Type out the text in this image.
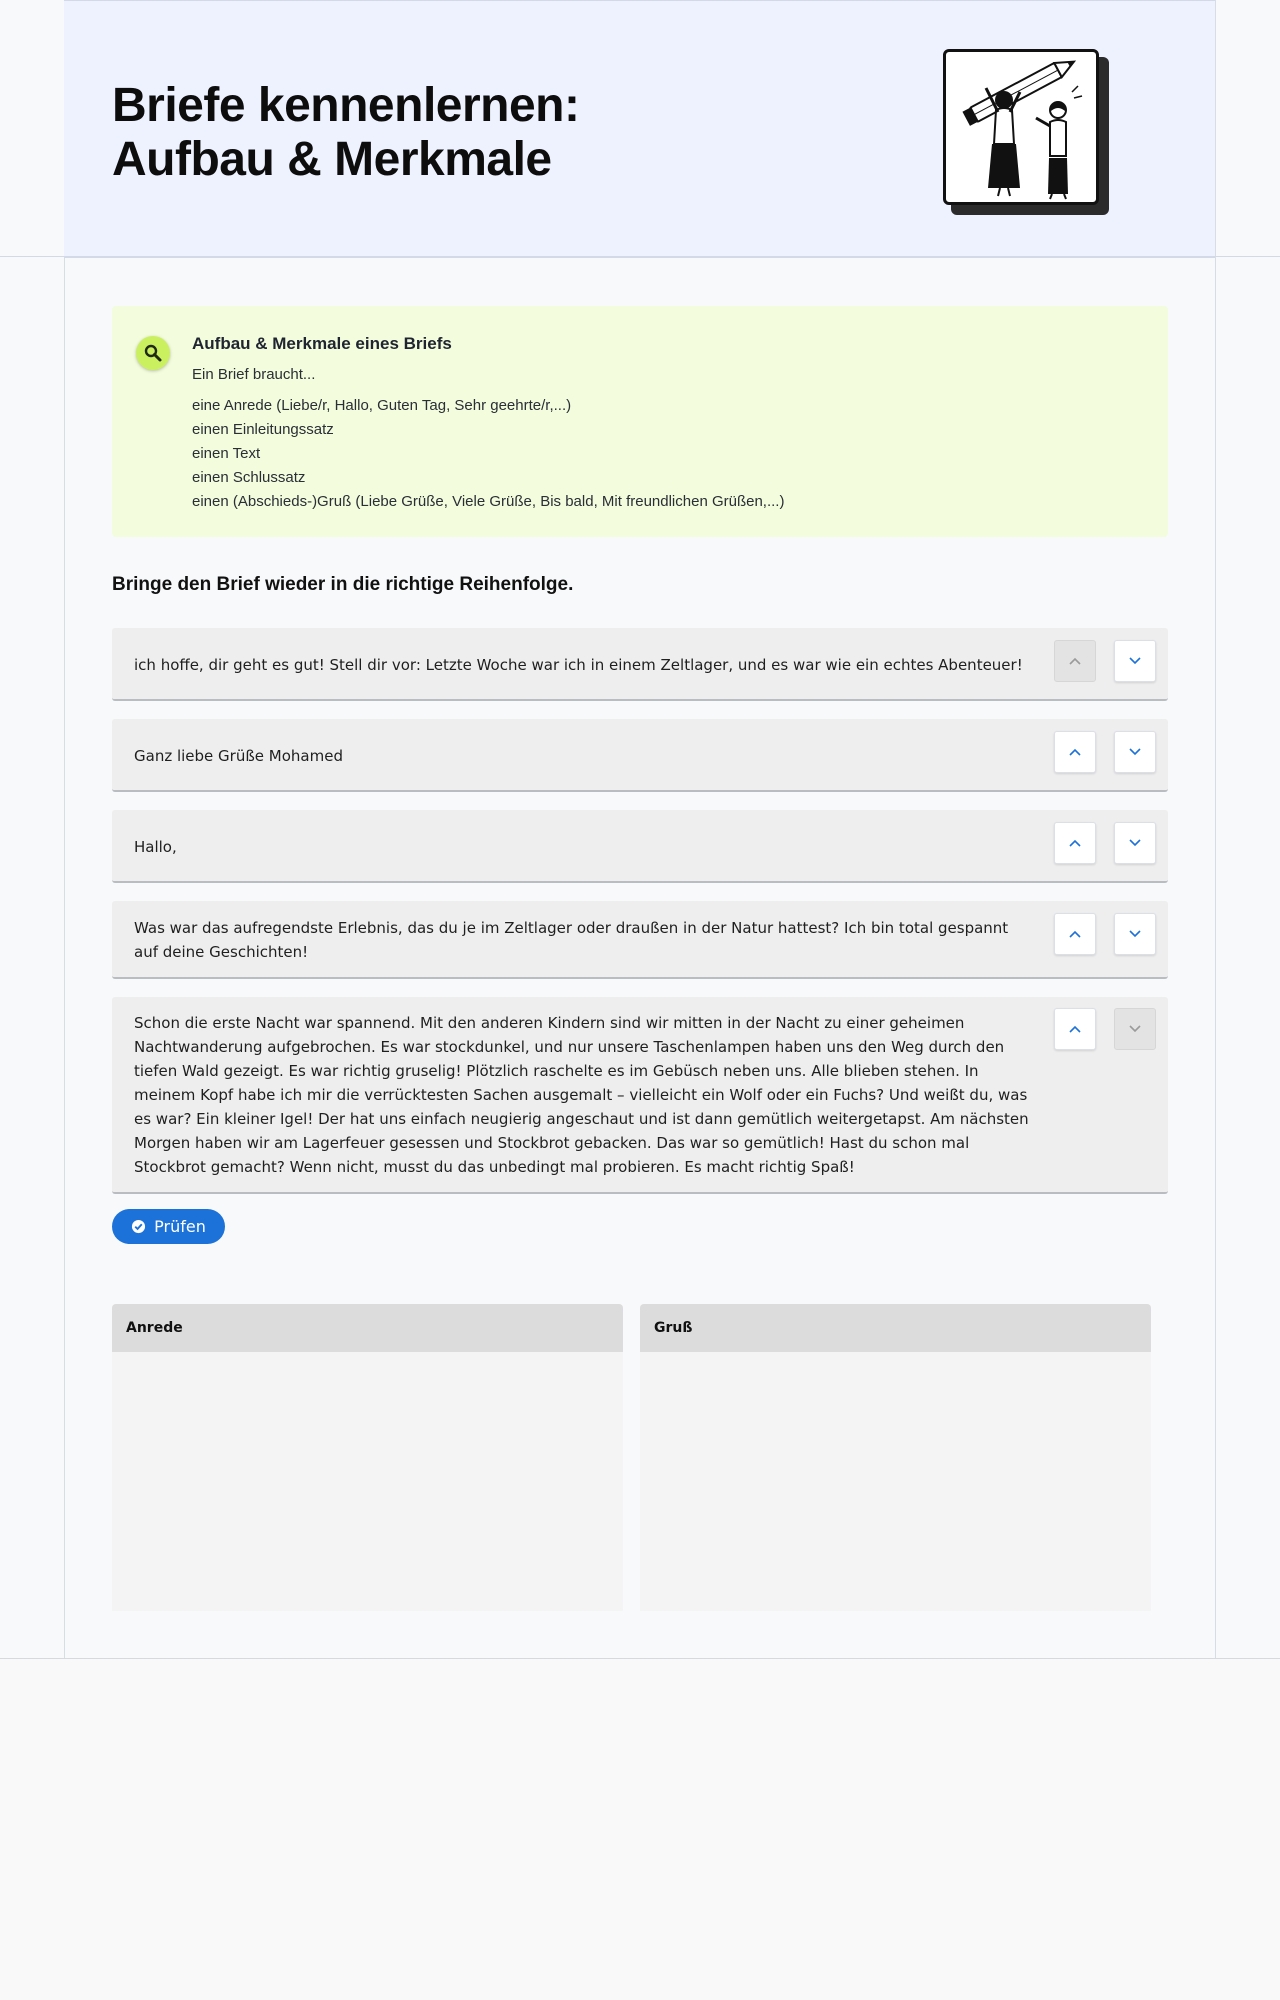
Briefe kennenlernen:
Aufbau & Merkmale
Aufbau & Merkmale eines Briefs
Ein Brief braucht...
eine Anrede (Liebe/r, Hallo, Guten Tag, Sehr geehrte/r,...)
einen Einleitungssatz
einen Text
einen Schlussatz
einen (Abschieds-)Gruß (Liebe Grüße, Viele Grüße, Bis bald, Mit freundlichen Grüßen,...)
Bringe den Brief wieder in die richtige Reihenfolge.
ich hoffe, dir geht es gut! Stell dir vor: Letzte Woche war ich in einem Zeltlager, und es war wie ein echtes Abenteuer!
Ganz liebe Grüße Mohamed
Hallo,
Was war das aufregendste Erlebnis, das du je im Zeltlager oder draußen in der Natur hattest? Ich bin total gespannt auf deine Geschichten!
Schon die erste Nacht war spannend. Mit den anderen Kindern sind wir mitten in der Nacht zu einer geheimen Nachtwanderung aufgebrochen. Es war stockdunkel, und nur unsere Taschenlampen haben uns den Weg durch den tiefen Wald gezeigt. Es war richtig gruselig! Plötzlich raschelte es im Gebüsch neben uns. Alle blieben stehen. In meinem Kopf habe ich mir die verrücktesten Sachen ausgemalt – vielleicht ein Wolf oder ein Fuchs? Und weißt du, was es war? Ein kleiner Igel! Der hat uns einfach neugierig angeschaut und ist dann gemütlich weitergetapst. Am nächsten Morgen haben wir am Lagerfeuer gesessen und Stockbrot gebacken. Das war so gemütlich! Hast du schon mal Stockbrot gemacht? Wenn nicht, musst du das unbedingt mal probieren. Es macht richtig Spaß!
Prüfen
Anrede	Gruß
